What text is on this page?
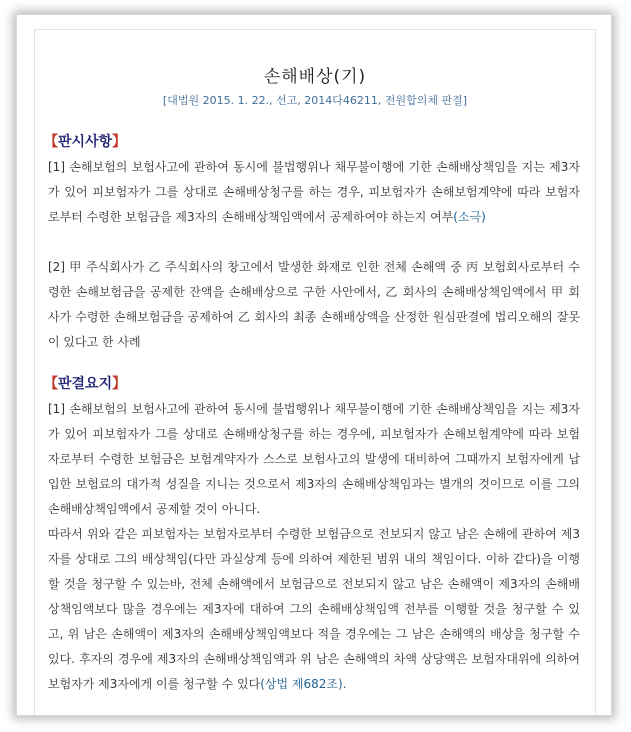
손해배상(기)
[대법원 2015. 1. 22., 선고, 2014다46211, 전원합의체 판결]
【판시사항】

[1] 손해보험의 보험사고에 관하여 동시에 불법행위나 채무불이행에 기한 손해배상책임을 지는 제3자가 있어 피보험자가 그를 상대로 손해배상청구를 하는 경우, 피보험자가 손해보험계약에 따라 보험자로부터 수령한 보험금을 제3자의 손해배상책임액에서 공제하여야 하는지 여부(소극)

[2] 甲 주식회사가 乙 주식회사의 창고에서 발생한 화재로 인한 전체 손해액 중 丙 보험회사로부터 수령한 손해보험금을 공제한 잔액을 손해배상으로 구한 사안에서, 乙 회사의 손해배상책임액에서 甲 회사가 수령한 손해보험금을 공제하여 乙 회사의 최종 손해배상액을 산정한 원심판결에 법리오해의 잘못이 있다고 한 사례

【판결요지】

[1] 손해보험의 보험사고에 관하여 동시에 불법행위나 채무불이행에 기한 손해배상책임을 지는 제3자가 있어 피보험자가 그를 상대로 손해배상청구를 하는 경우에, 피보험자가 손해보험계약에 따라 보험자로부터 수령한 보험금은 보험계약자가 스스로 보험사고의 발생에 대비하여 그때까지 보험자에게 납입한 보험료의 대가적 성질을 지니는 것으로서 제3자의 손해배상책임과는 별개의 것이므로 이를 그의 손해배상책임액에서 공제할 것이 아니다.

따라서 위와 같은 피보험자는 보험자로부터 수령한 보험금으로 전보되지 않고 남은 손해에 관하여 제3자를 상대로 그의 배상책임(다만 과실상계 등에 의하여 제한된 범위 내의 책임이다. 이하 같다)을 이행할 것을 청구할 수 있는바, 전체 손해액에서 보험금으로 전보되지 않고 남은 손해액이 제3자의 손해배상책임액보다 많을 경우에는 제3자에 대하여 그의 손해배상책임액 전부를 이행할 것을 청구할 수 있고, 위 남은 손해액이 제3자의 손해배상책임액보다 적을 경우에는 그 남은 손해액의 배상을 청구할 수 있다. 후자의 경우에 제3자의 손해배상책임액과 위 남은 손해액의 차액 상당액은 보험자대위에 의하여 보험자가 제3자에게 이를 청구할 수 있다(상법 제682조).
